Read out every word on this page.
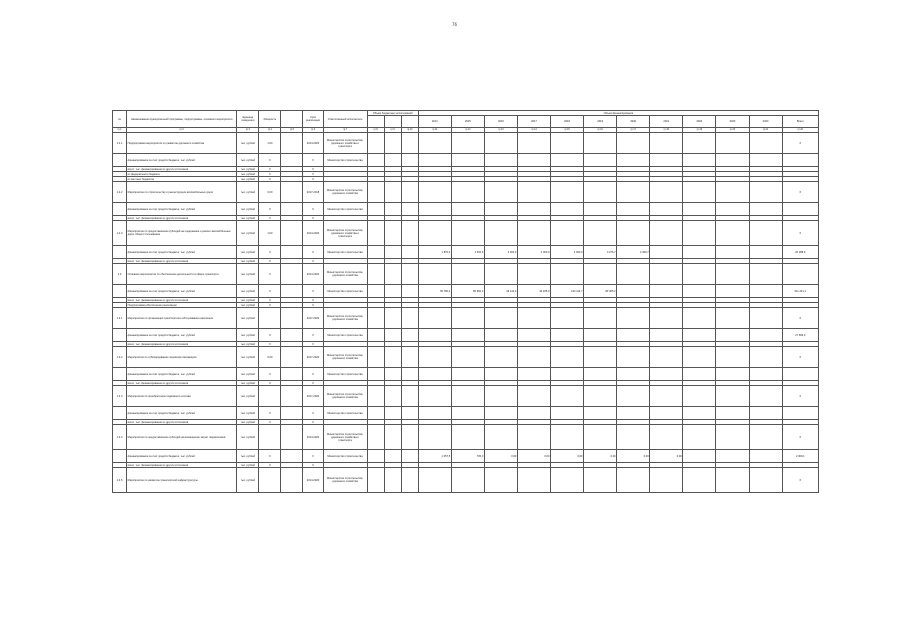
76
№	Наименование муниципальной программы, подпрограммы, основного мероприятия	Единица измерения	Мощность		Срок реализации	Ответственный исполнитель	Объем бюджетных ассигнований			Объем финансирования											
										2014	2015	2016	2017	2018	2019	2020	2021	2022	2023	2024	Всего
гр.1	гр.2	гр.3	гр.4	гр.5	гр.6	гр.7	гр.8	гр.9	гр.10	гр.11	гр.12	гр.13	гр.14	гр.15	гр.16	гр.17	гр.18	гр.19	гр.20	гр.21	гр.22
1.2.1	Подпрограмма мероприятия по развитию дорожного хозяйства	тыс. рублей	1,00		2014-2020	Министерство строительства, дорожного хозяйства и транспорта															Х
	финансирование за счет средств бюджета, тыс. рублей	тыс. рублей	Х		Х	Министерство строительства															
	всего, тыс. финансирование из других источников	тыс. рублей	Х		Х																
	из федерального бюджета	тыс. рублей	Х		Х																
	из местных бюджетов	тыс. рублей	Х		Х																
1.2.2	Мероприятие по строительству и реконструкции автомобильных дорог	тыс. рублей	0,00		2017-2018	Министерство строительства, дорожного хозяйства															Х
	финансирование за счет средств бюджета, тыс. рублей	тыс. рублей	Х		Х	Министерство строительства															
	всего, тыс. финансирование из других источников	тыс. рублей	Х		Х																
1.2.3	Мероприятие по предоставлению субсидий на содержание и ремонт автомобильных дорог общего пользования	тыс. рублей	1,00		2014-2020	Министерство строительства, дорожного хозяйства и транспорта															Х
	финансирование за счет средств бюджета, тыс. рублей	тыс. рублей	Х		Х	Министерство строительства				1 870,0	1 652,5	2 000,0	4 000,0	4 000,0	4 276,7	4 459,7					26 288,9
	всего, тыс. финансирование из других источников	тыс. рублей	Х		Х																
1.3	Основное мероприятие по обеспечению деятельности в сфере транспорта	тыс. рублей	Х		2014-2020	Министерство строительства, дорожного хозяйства															
	финансирование за счет средств бюджета, тыс. рублей	тыс. рублей	Х		Х	Министерство строительства				65 780,0	80 992,2	46 144,0	42 185,0	193 114,7	83 005,2						511 221,1
	всего, тыс. финансирование из других источников	тыс. рублей	Х		Х																
	Подпрограмма обеспечения реализации	тыс. рублей	Х		Х																
1.3.1	Мероприятие по организации транспортного обслуживания населения	тыс. рублей			2017-2020	Министерство строительства, дорожного хозяйства															Х
	финансирование за счет средств бюджета, тыс. рублей	тыс. рублей	Х		Х	Министерство строительства															27 596,0
	всего, тыс. финансирование из других источников	тыс. рублей	Х		Х																
1.3.2	Мероприятие по субсидированию перевозок пассажиров	тыс. рублей	0,00		2017-2020	Министерство строительства, дорожного хозяйства															Х
	финансирование за счет средств бюджета, тыс. рублей	тыс. рублей	Х		Х	Министерство строительства															
	всего, тыс. финансирование из других источников	тыс. рублей	Х		Х																
1.3.3	Мероприятие по приобретению подвижного состава	тыс. рублей			2017-2020	Министерство строительства, дорожного хозяйства															Х
	финансирование за счет средств бюджета, тыс. рублей	тыс. рублей	Х		Х	Министерство строительства															
	всего, тыс. финансирование из других источников	тыс. рублей	Х		Х																
1.3.4	Мероприятие по предоставлению субсидий на возмещение затрат перевозчиков	тыс. рублей			2014-2020	Министерство строительства, дорожного хозяйства и транспорта															Х
	финансирование за счет средств бюджета, тыс. рублей	тыс. рублей	Х		Х	Министерство строительства				1 057,5	705,0	0,00	0,00	0,00	0,00	0,00	0,00				2 300,1
	всего, тыс. финансирование из других источников	тыс. рублей	Х		Х																
1.3.5	Мероприятие по развитию транспортной инфраструктуры	тыс. рублей			2014-2020	Министерство строительства, дорожного хозяйства															Х
